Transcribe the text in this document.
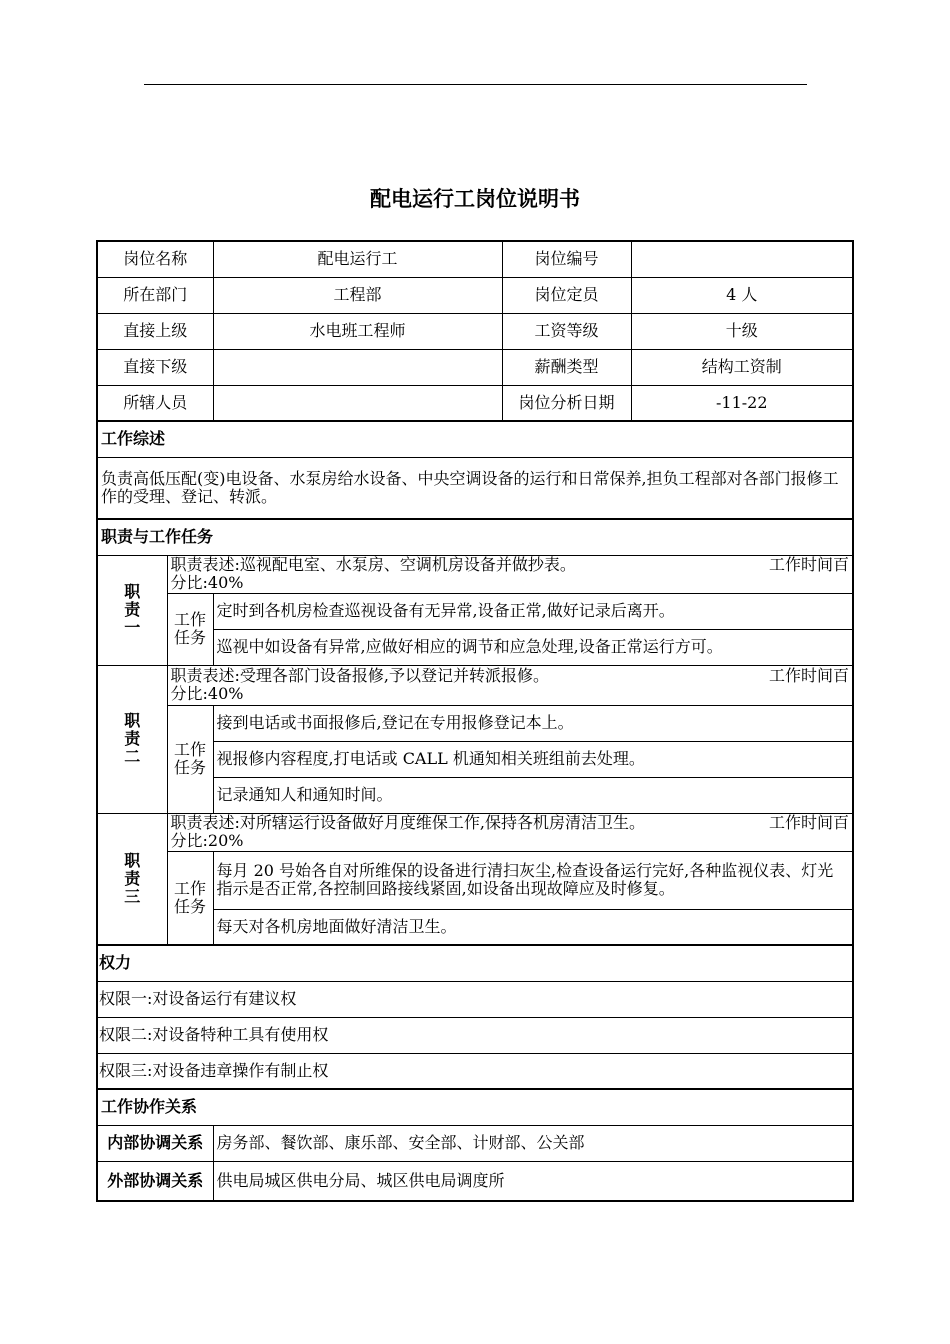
配电运行工岗位说明书
岗位名称		配电运行工	岗位编号	
所在部门		工程部	岗位定员	4 人
直接上级		水电班工程师	工资等级	十级
直接下级			薪酬类型	结构工资制
所辖人员			岗位分析日期	-11-22
工作综述				
负责高低压配(变)电设备、水泵房给水设备、中央空调设备的运行和日常保养,担负工程部对各部门报修工作的受理、登记、转派。				
职责与工作任务				

职责一	职责表述:巡视配电室、水泵房、空调机房设备并做抄表。 工作时间百
分比:40%			

	工作任务	定时到各机房检查巡视设备有无异常,设备正常,做好记录后离开。		
		巡视中如设备有异常,应做好相应的调节和应急处理,设备正常运行方可。		

职责二	职责表述:受理各部门设备报修,予以登记并转派报修。 工作时间百
分比:40%			

	工作任务	接到电话或书面报修后,登记在专用报修登记本上。		
		视报修内容程度,打电话或 CALL 机通知相关班组前去处理。		
		记录通知人和通知时间。		

职责三	职责表述:对所辖运行设备做好月度维保工作,保持各机房清洁卫生。 工作时间百
分比:20%			

	工作任务	每月 20 号始各自对所维保的设备进行清扫灰尘,检查设备运行完好,各种监视仪表、灯光指示是否正常,各控制回路接线紧固,如设备出现故障应及时修复。		
		每天对各机房地面做好清洁卫生。		
权力				
权限一:对设备运行有建议权				
权限二:对设备特种工具有使用权				
权限三:对设备违章操作有制止权				
工作协作关系				

内部协调关系		房务部、餐饮部、康乐部、安全部、计财部、公关部		

外部协调关系		供电局城区供电分局、城区供电局调度所		
